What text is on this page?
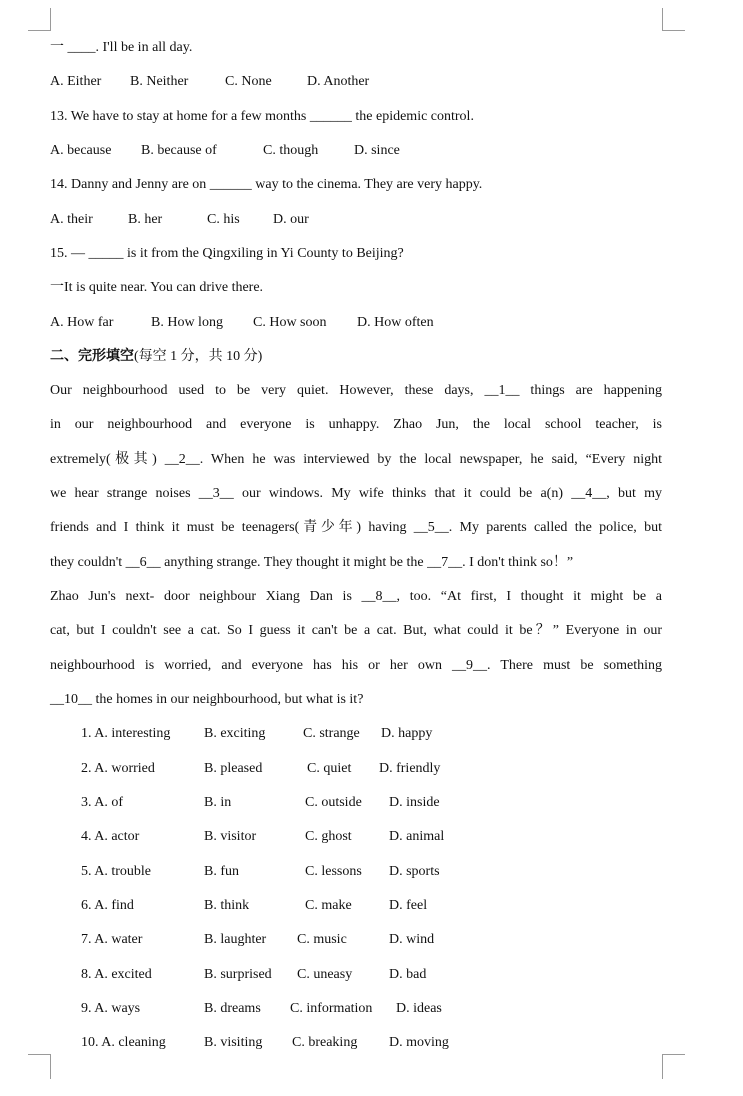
一 ____. I'll be in all day.
A. Either B. Neither	C. None	D. Another
13. We have to stay at home for a few months ______ the epidemic control.
A. because B. because of	C. though	D. since
14. Danny and Jenny are on ______ way to the cinema. They are very happy.
A. their	B. her	C. his D. our
15. — _____ is it from the Qingxiling in Yi County to Beijing?
一It is quite near. You can drive there.
A. How far	B. How long C. How soon D. How often
二、完形填空(每空 1 分，共 10 分)
Our neighbourhood used to be very quiet. However, these days, __1__ things are happening
in our neighbourhood and everyone is unhappy. Zhao Jun, the local school teacher, is
extremely(极其) __2__. When he was interviewed by the local newspaper, he said, “Every night
we hear strange noises __3__ our windows. My wife thinks that it could be a(n) __4__, but my
friends and I think it must be teenagers(青少年) having __5__. My parents called the police, but
they couldn't __6__ anything strange. They thought it might be the __7__. I don't think so！”
Zhao Jun's next- door neighbour Xiang Dan is __8__, too. “At first, I thought it might be a
cat, but I couldn't see a cat. So I guess it can't be a cat. But, what could it be？” Everyone in our
neighbourhood is worried, and everyone has his or her own __9__. There must be something
__10__ the homes in our neighbourhood, but what is it?
1. A. interesting B. exciting	C. strange D. happy
2. A. worried	B. pleased	C. quiet D. friendly
3. A. of	B. in	C. outside D. inside
4. A. actor	B. visitor	C. ghost	D. animal
5. A. trouble	B. fun	C. lessons D. sports
6. A. find	B. think	C. make	D. feel
7. A. water	B. laughter C. music	D. wind
8. A. excited	B. surprised C. uneasy	D. bad
9. A. ways	B. dreams C. information D. ideas
10. A. cleaning	B. visiting C. breaking D. moving
